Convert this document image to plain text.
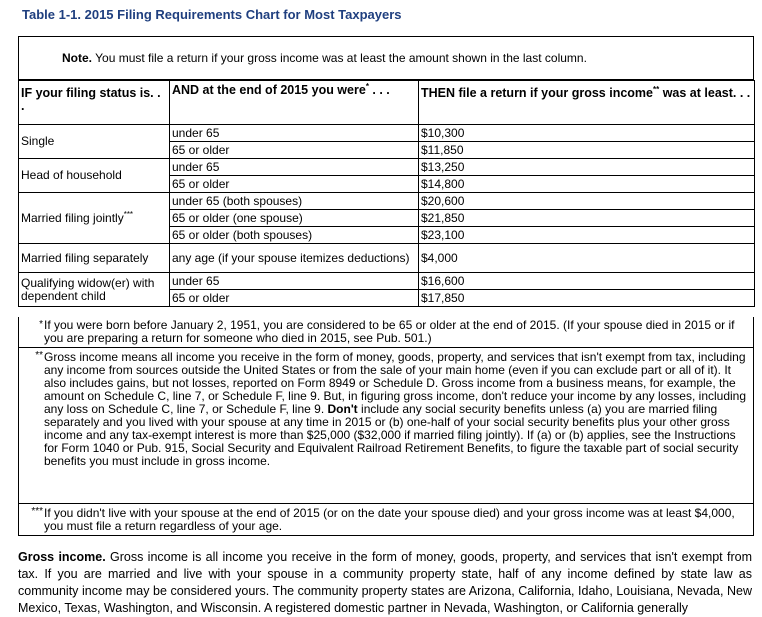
Table 1-1. 2015 Filing Requirements Chart for Most Taxpayers
Note. You must file a return if your gross income was at least the amount shown in the last column.
IF your filing status is. . .	AND at the end of 2015 you were* . . .	THEN file a return if your gross income** was at least. . .
Single	under 65	$10,300
	65 or older	$11,850
Head of household	under 65	$13,250
	65 or older	$14,800
Married filing jointly***	under 65 (both spouses)	$20,600
	65 or older (one spouse)	$21,850
	65 or older (both spouses)	$23,100
Married filing separately	any age (if your spouse itemizes deductions)	$4,000
Qualifying widow(er) with dependent child	under 65	$16,600
	65 or older	$17,850
* If you were born before January 2, 1951, you are considered to be 65 or older at the end of 2015. (If your spouse died in 2015 or if you are preparing a return for someone who died in 2015, see Pub. 501.)
** Gross income means all income you receive in the form of money, goods, property, and services that isn't exempt from tax, including any income from sources outside the United States or from the sale of your main home (even if you can exclude part or all of it). It also includes gains, but not losses, reported on Form 8949 or Schedule D. Gross income from a business means, for example, the amount on Schedule C, line 7, or Schedule F, line 9. But, in figuring gross income, don't reduce your income by any losses, including any loss on Schedule C, line 7, or Schedule F, line 9. Don't include any social security benefits unless (a) you are married filing separately and you lived with your spouse at any time in 2015 or (b) one-half of your social security benefits plus your other gross income and any tax-exempt interest is more than $25,000 ($32,000 if married filing jointly). If (a) or (b) applies, see the Instructions for Form 1040 or Pub. 915, Social Security and Equivalent Railroad Retirement Benefits, to figure the taxable part of social security benefits you must include in gross income.
*** If you didn't live with your spouse at the end of 2015 (or on the date your spouse died) and your gross income was at least $4,000, you must file a return regardless of your age.
Gross income. Gross income is all income you receive in the form of money, goods, property, and services that isn't exempt from tax. If you are married and live with your spouse in a community property state, half of any income defined by state law as community income may be considered yours. The community property states are Arizona, California, Idaho, Louisiana, Nevada, New Mexico, Texas, Washington, and Wisconsin. A registered domestic partner in Nevada, Washington, or California generally
